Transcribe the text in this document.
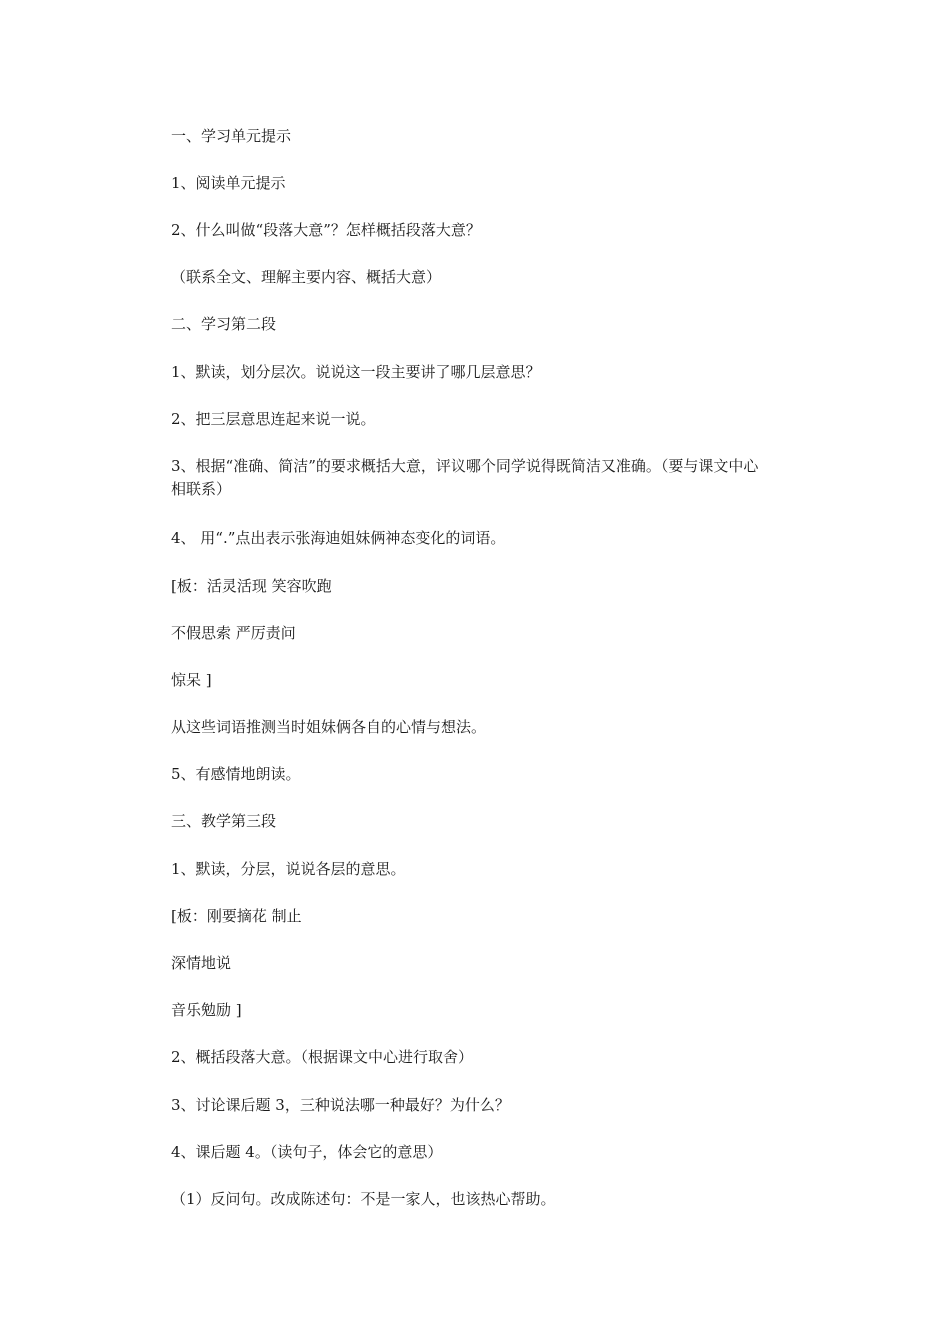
一、学习单元提示
1、阅读单元提示
2、什么叫做“段落大意”？怎样概括段落大意？
（联系全文、理解主要内容、概括大意）
二、学习第二段
1、默读，划分层次。说说这一段主要讲了哪几层意思？
2、把三层意思连起来说一说。
3、根据“准确、简洁”的要求概括大意，评议哪个同学说得既简洁又准确。（要与课文中心相联系）
4、 用“.”点出表示张海迪姐妹俩神态变化的词语。
[板：活灵活现 笑容吹跑
不假思索 严厉责问
惊呆 ]
从这些词语推测当时姐妹俩各自的心情与想法。
5、有感情地朗读。
三、教学第三段
1、默读，分层，说说各层的意思。
[板：刚要摘花 制止
深情地说
音乐勉励 ]
2、概括段落大意。（根据课文中心进行取舍）
3、讨论课后题 3，三种说法哪一种最好？为什么？
4、课后题 4。（读句子，体会它的意思）
（1）反问句。改成陈述句：不是一家人，也该热心帮助。
